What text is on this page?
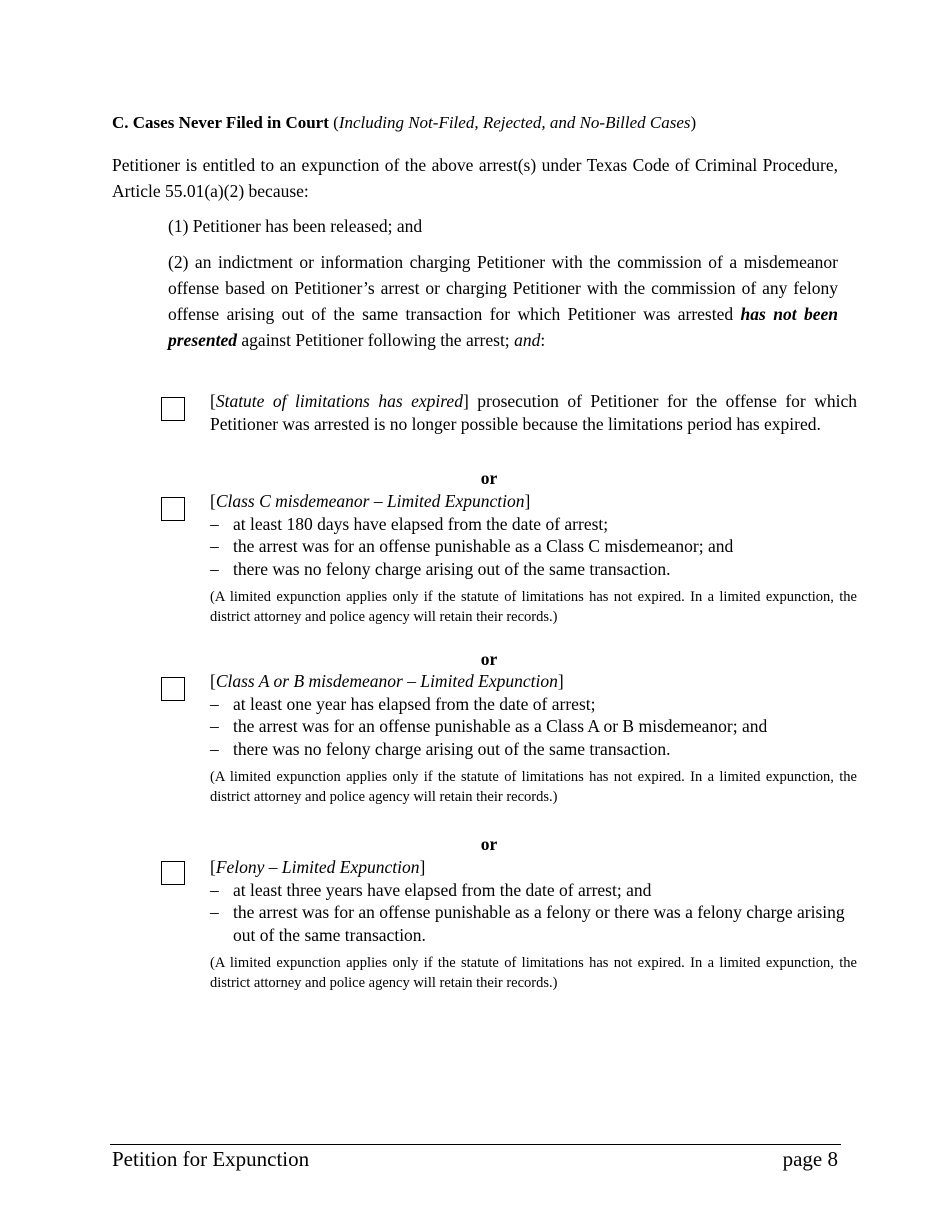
C. Cases Never Filed in Court (Including Not-Filed, Rejected, and No-Billed Cases)
Petitioner is entitled to an expunction of the above arrest(s) under Texas Code of Criminal Procedure, Article 55.01(a)(2) because:
(1) Petitioner has been released; and
(2) an indictment or information charging Petitioner with the commission of a misdemeanor offense based on Petitioner’s arrest or charging Petitioner with the commission of any felony offense arising out of the same transaction for which Petitioner was arrested has not been presented against Petitioner following the arrest; and:
[Statute of limitations has expired] prosecution of Petitioner for the offense for which Petitioner was arrested is no longer possible because the limitations period has expired.
or
[Class C misdemeanor – Limited Expunction]
– at least 180 days have elapsed from the date of arrest;
– the arrest was for an offense punishable as a Class C misdemeanor; and
– there was no felony charge arising out of the same transaction.
(A limited expunction applies only if the statute of limitations has not expired. In a limited expunction, the district attorney and police agency will retain their records.)
or
[Class A or B misdemeanor – Limited Expunction]
– at least one year has elapsed from the date of arrest;
– the arrest was for an offense punishable as a Class A or B misdemeanor; and
– there was no felony charge arising out of the same transaction.
(A limited expunction applies only if the statute of limitations has not expired. In a limited expunction, the district attorney and police agency will retain their records.)
or
[Felony – Limited Expunction]
– at least three years have elapsed from the date of arrest; and
– the arrest was for an offense punishable as a felony or there was a felony charge arising out of the same transaction.
(A limited expunction applies only if the statute of limitations has not expired. In a limited expunction, the district attorney and police agency will retain their records.)
Petition for Expunction	page 8
